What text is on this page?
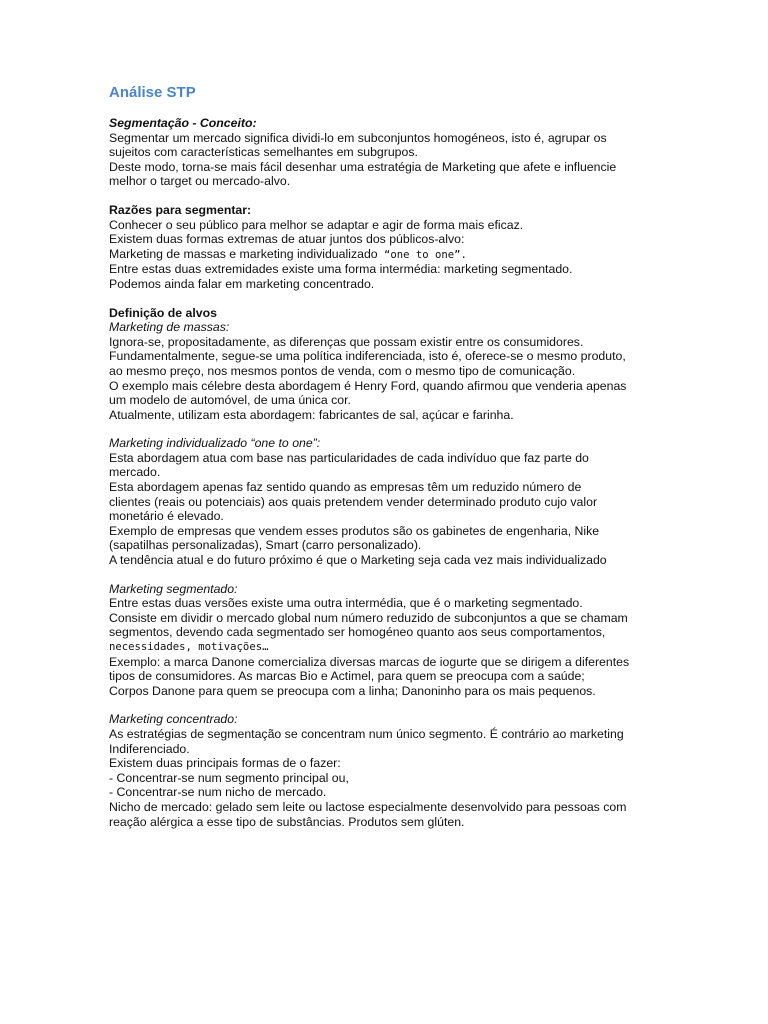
Análise STP
Segmentação - Conceito:
Segmentar um mercado significa dividi-lo em subconjuntos homogéneos, isto é, agrupar os
sujeitos com características semelhantes em subgrupos.
Deste modo, torna-se mais fácil desenhar uma estratégia de Marketing que afete e influencie
melhor o target ou mercado-alvo.
Razões para segmentar:
Conhecer o seu público para melhor se adaptar e agir de forma mais eficaz.
Existem duas formas extremas de atuar juntos dos públicos-alvo:
Marketing de massas e marketing individualizado “one to one”.
Entre estas duas extremidades existe uma forma intermédia: marketing segmentado.
Podemos ainda falar em marketing concentrado.
Definição de alvos
Marketing de massas:
Ignora-se, propositadamente, as diferenças que possam existir entre os consumidores.
Fundamentalmente, segue-se uma política indiferenciada, isto é, oferece-se o mesmo produto,
ao mesmo preço, nos mesmos pontos de venda, com o mesmo tipo de comunicação.
O exemplo mais célebre desta abordagem é Henry Ford, quando afirmou que venderia apenas
um modelo de automóvel, de uma única cor.
Atualmente, utilizam esta abordagem: fabricantes de sal, açúcar e farinha.
Marketing individualizado “one to one”:
Esta abordagem atua com base nas particularidades de cada indivíduo que faz parte do
mercado.
Esta abordagem apenas faz sentido quando as empresas têm um reduzido número de
clientes (reais ou potenciais) aos quais pretendem vender determinado produto cujo valor
monetário é elevado.
Exemplo de empresas que vendem esses produtos são os gabinetes de engenharia, Nike
(sapatilhas personalizadas), Smart (carro personalizado).
A tendência atual e do futuro próximo é que o Marketing seja cada vez mais individualizado
Marketing segmentado:
Entre estas duas versões existe uma outra intermédia, que é o marketing segmentado.
Consiste em dividir o mercado global num número reduzido de subconjuntos a que se chamam
segmentos, devendo cada segmentado ser homogéneo quanto aos seus comportamentos,
necessidades, motivações…
Exemplo: a marca Danone comercializa diversas marcas de iogurte que se dirigem a diferentes
tipos de consumidores. As marcas Bio e Actimel, para quem se preocupa com a saúde;
Corpos Danone para quem se preocupa com a linha; Danoninho para os mais pequenos.
Marketing concentrado:
As estratégias de segmentação se concentram num único segmento. É contrário ao marketing
Indiferenciado.
Existem duas principais formas de o fazer:
- Concentrar-se num segmento principal ou,
- Concentrar-se num nicho de mercado.
Nicho de mercado: gelado sem leite ou lactose especialmente desenvolvido para pessoas com
reação alérgica a esse tipo de substâncias. Produtos sem glúten.
